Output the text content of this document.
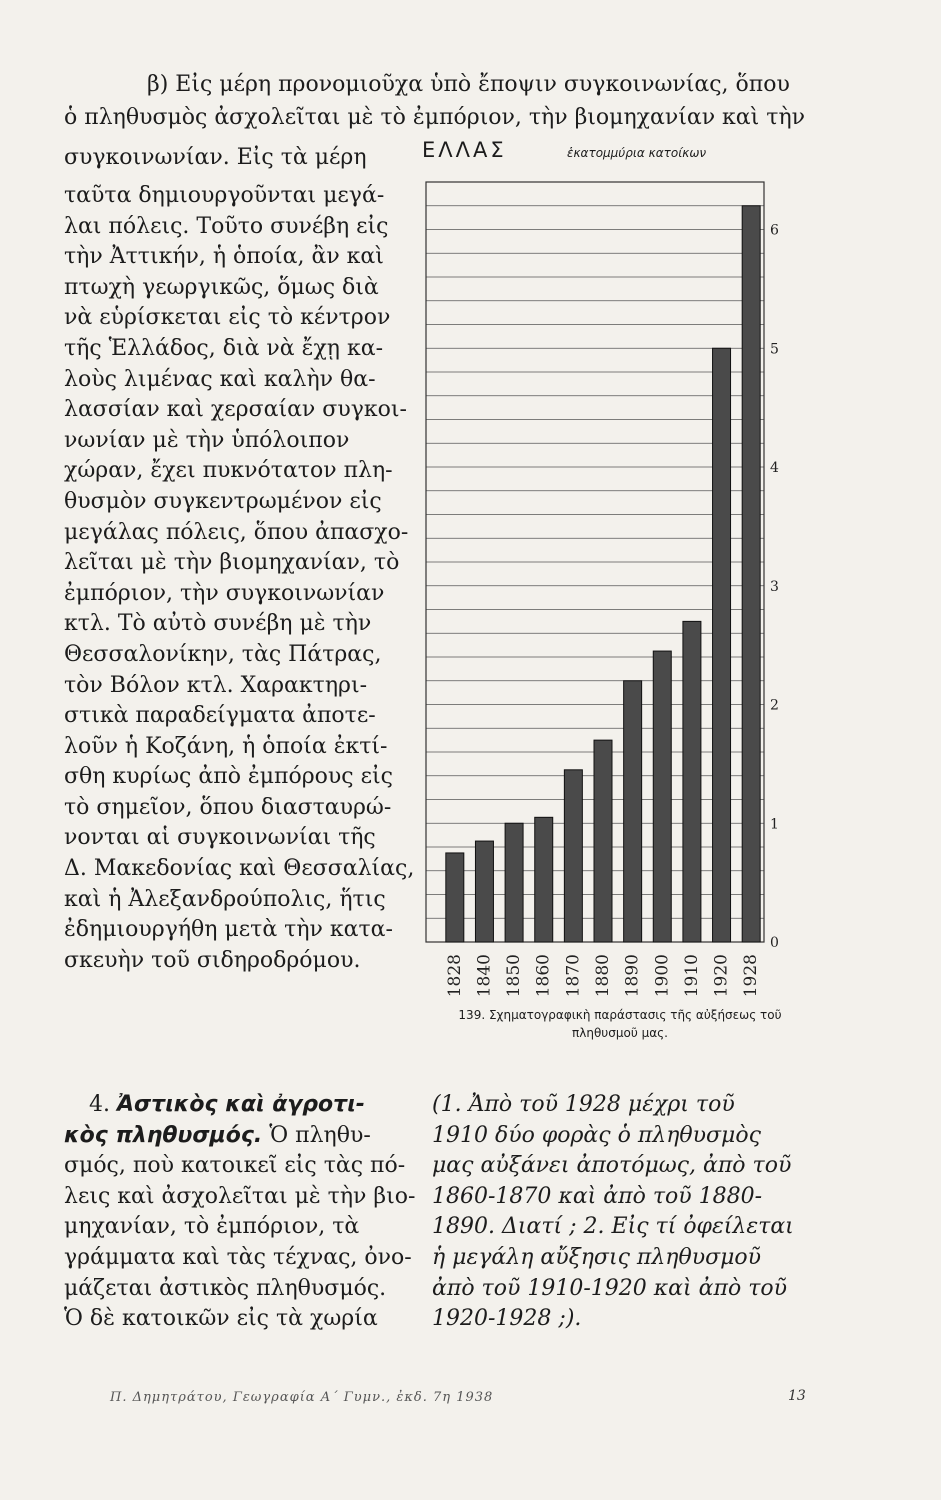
β) Εἰς μέρη προνομιοῦχα ὑπὸ ἔποψιν συγκοινωνίας, ὅπου
ὁ πληθυσμὸς ἀσχολεῖται μὲ τὸ ἐμπόριον, τὴν βιομηχανίαν καὶ τὴν
συγκοινωνίαν. Εἰς τὰ μέρη
ταῦτα δημιουργοῦνται μεγά-
λαι πόλεις. Τοῦτο συνέβη εἰς
τὴν Ἀττικήν, ἡ ὁποία, ἂν καὶ
πτωχὴ γεωργικῶς, ὅμως διὰ
νὰ εὑρίσκεται εἰς τὸ κέντρον
τῆς Ἑλλάδος, διὰ νὰ ἔχῃ κα-
λοὺς λιμένας καὶ καλὴν θα-
λασσίαν καὶ χερσαίαν συγκοι-
νωνίαν μὲ τὴν ὑπόλοιπον
χώραν, ἔχει πυκνότατον πλη-
θυσμὸν συγκεντρωμένον εἰς
μεγάλας πόλεις, ὅπου ἀπασχο-
λεῖται μὲ τὴν βιομηχανίαν, τὸ
ἐμπόριον, τὴν συγκοινωνίαν
κτλ. Τὸ αὐτὸ συνέβη μὲ τὴν
Θεσσαλονίκην, τὰς Πάτρας,
τὸν Βόλον κτλ. Χαρακτηρι-
στικὰ παραδείγματα ἀποτε-
λοῦν ἡ Κοζάνη, ἡ ὁποία ἐκτί-
σθη κυρίως ἀπὸ ἐμπόρους εἰς
τὸ σημεῖον, ὅπου διασταυρώ-
νονται αἱ συγκοινωνίαι τῆς
Δ. Μακεδονίας καὶ Θεσσαλίας,
καὶ ἡ Ἀλεξανδρούπολις, ἥτις
ἐδημιουργήθη μετὰ τὴν κατα-
σκευὴν τοῦ σιδηροδρόμου.
ΕΛΛΑΣ	ἑκατομμύρια κατοίκων
0
1
2
3
4
5
6
1828 1840 1850 1860 1870 1880 1890 1900 1910 1920 1928
139. Σχηματογραφικὴ παράστασις τῆς αὐξήσεως τοῦ πληθυσμοῦ μας.
4. Ἀστικὸς καὶ ἀγροτι-
κὸς πληθυσμός. Ὁ πληθυ-
σμός, ποὺ κατοικεῖ εἰς τὰς πό-
λεις καὶ ἀσχολεῖται μὲ τὴν βιο-
μηχανίαν, τὸ ἐμπόριον, τὰ
γράμματα καὶ τὰς τέχνας, ὀνο-
μάζεται ἀστικὸς πληθυσμός.
Ὁ δὲ κατοικῶν εἰς τὰ χωρία
(1. Ἀπὸ τοῦ 1928 μέχρι τοῦ
1910 δύο φορὰς ὁ πληθυσμὸς
μας αὐξάνει ἀποτόμως, ἀπὸ τοῦ
1860-1870 καὶ ἀπὸ τοῦ 1880-
1890. Διατί ; 2. Εἰς τί ὀφείλεται
ἡ μεγάλη αὔξησις πληθυσμοῦ
ἀπὸ τοῦ 1910-1920 καὶ ἀπὸ τοῦ
1920-1928 ;).
Π. Δημητράτου, Γεωγραφία Α΄ Γυμν., ἐκδ. 7η 1938	13
